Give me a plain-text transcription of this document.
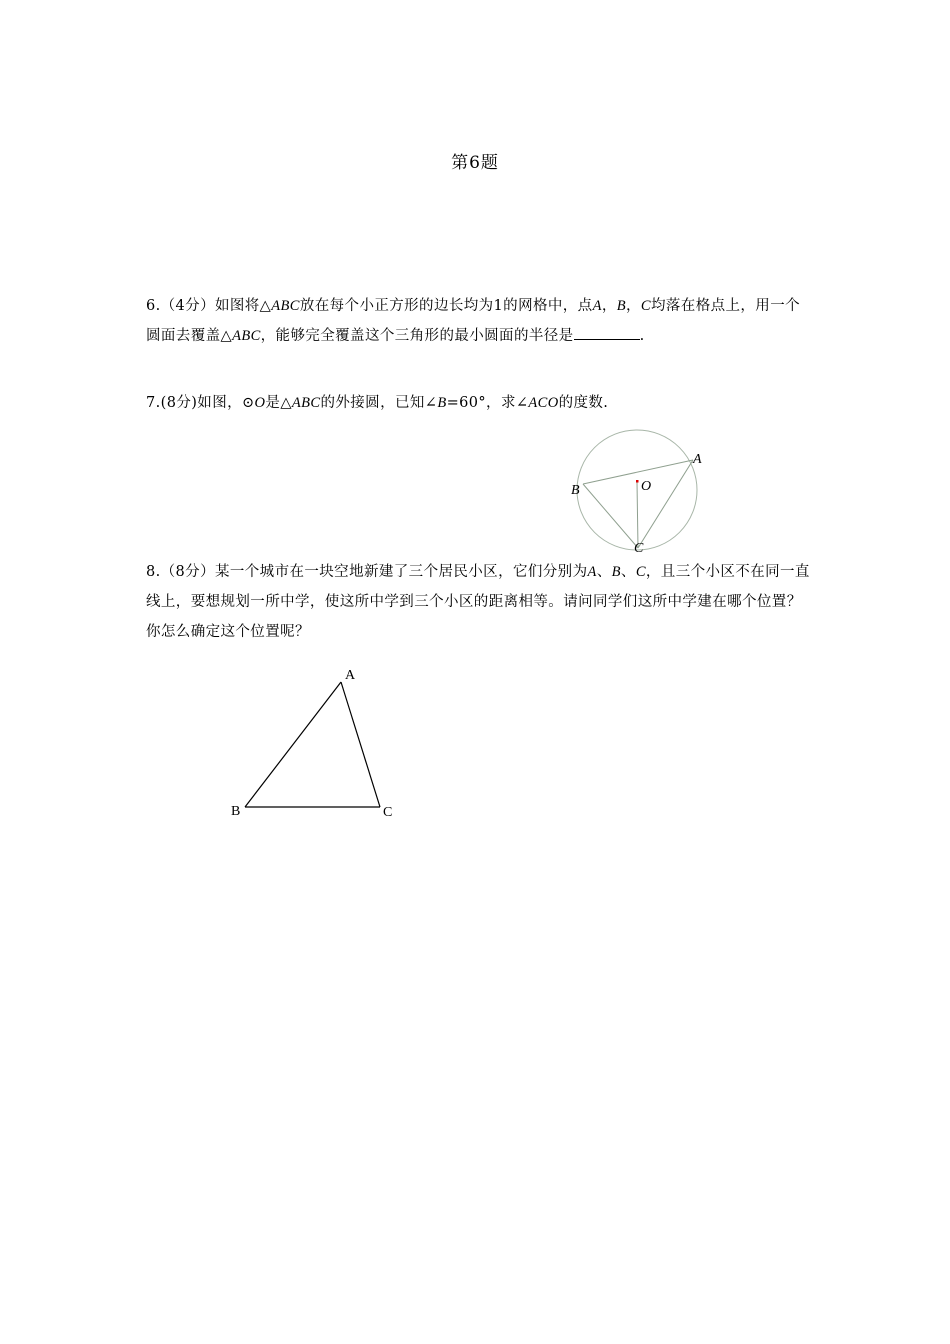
第6题
6.（4分）如图将△ABC放在每个小正方形的边长均为1的网格中，点A，B，C均落在格点上，用一个圆面去覆盖△ABC，能够完全覆盖这个三角形的最小圆面的半径是	.
7.(8分)如图，⊙O是△ABC的外接圆，已知∠B=60°，求∠ACO的度数.
A
B
C
O
8.（8分）某一个城市在一块空地新建了三个居民小区，它们分别为A、B、C，且三个小区不在同一直线上，要想规划一所中学，使这所中学到三个小区的距离相等。请问同学们这所中学建在哪个位置？你怎么确定这个位置呢？
A
B	C
